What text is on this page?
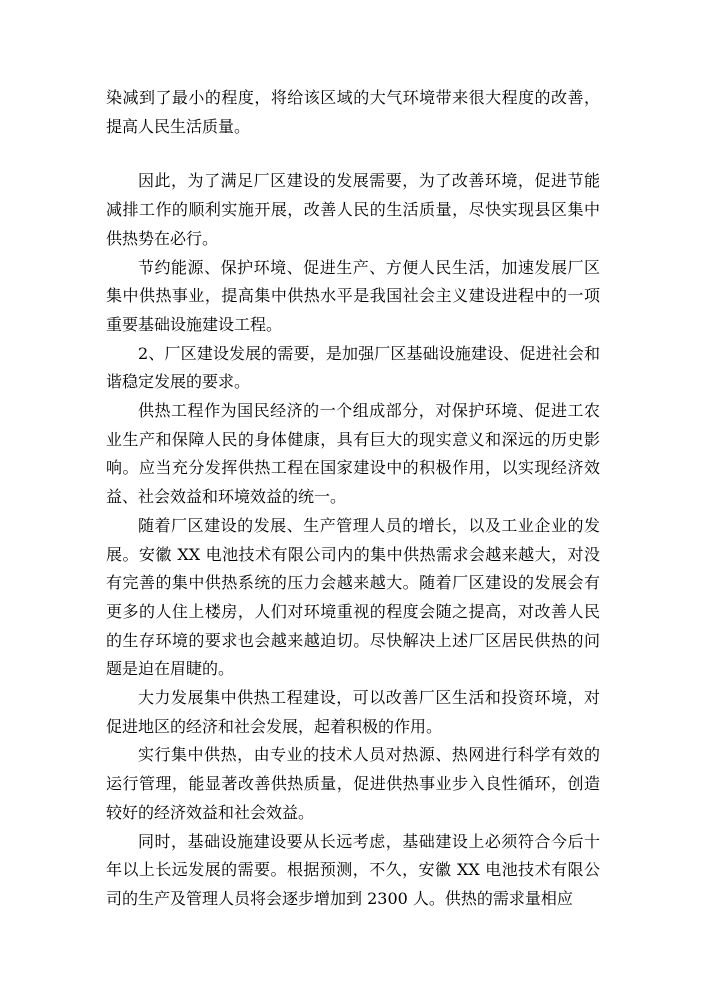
染减到了最小的程度，将给该区域的大气环境带来很大程度的改善，提高人民生活质量。

因此，为了满足厂区建设的发展需要，为了改善环境，促进节能减排工作的顺利实施开展，改善人民的生活质量，尽快实现县区集中供热势在必行。

节约能源、保护环境、促进生产、方便人民生活，加速发展厂区集中供热事业，提高集中供热水平是我国社会主义建设进程中的一项重要基础设施建设工程。

2、厂区建设发展的需要，是加强厂区基础设施建设、促进社会和谐稳定发展的要求。

供热工程作为国民经济的一个组成部分，对保护环境、促进工农业生产和保障人民的身体健康，具有巨大的现实意义和深远的历史影响。应当充分发挥供热工程在国家建设中的积极作用，以实现经济效益、社会效益和环境效益的统一。

随着厂区建设的发展、生产管理人员的增长，以及工业企业的发展。安徽 XX 电池技术有限公司内的集中供热需求会越来越大，对没有完善的集中供热系统的压力会越来越大。随着厂区建设的发展会有更多的人住上楼房，人们对环境重视的程度会随之提高，对改善人民的生存环境的要求也会越来越迫切。尽快解决上述厂区居民供热的问题是迫在眉睫的。

大力发展集中供热工程建设，可以改善厂区生活和投资环境，对促进地区的经济和社会发展，起着积极的作用。

实行集中供热，由专业的技术人员对热源、热网进行科学有效的运行管理，能显著改善供热质量，促进供热事业步入良性循环，创造较好的经济效益和社会效益。

同时，基础设施建设要从长远考虑，基础建设上必须符合今后十年以上长远发展的需要。根据预测，不久，安徽 XX 电池技术有限公司的生产及管理人员将会逐步增加到 2300 人。供热的需求量相应
